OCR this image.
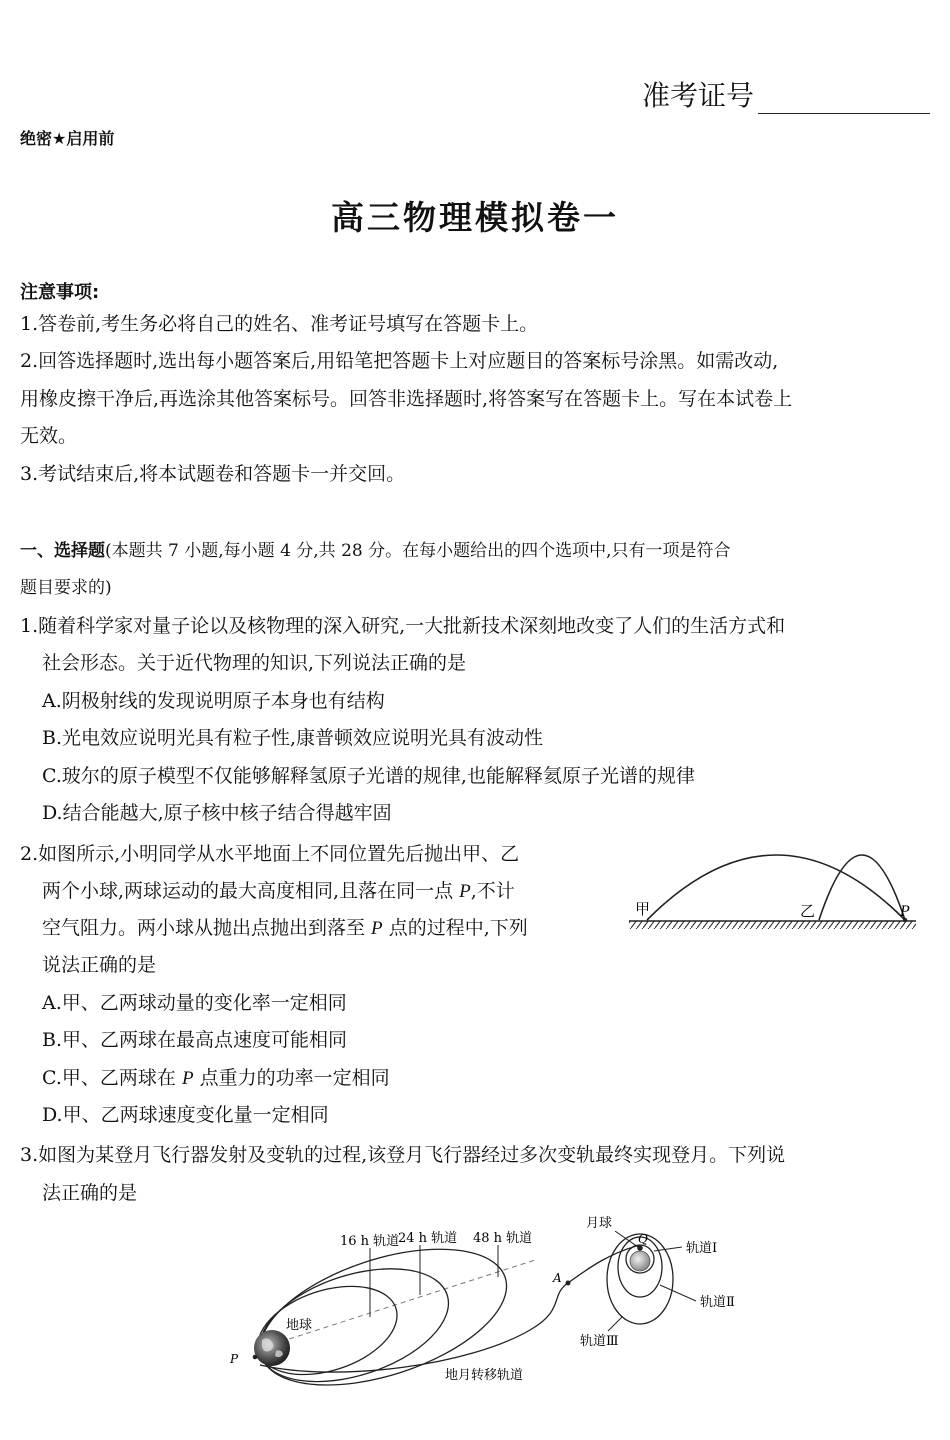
准考证号
绝密★启用前
高三物理模拟卷一
注意事项:
1.答卷前,考生务必将自己的姓名、准考证号填写在答题卡上。
2.回答选择题时,选出每小题答案后,用铅笔把答题卡上对应题目的答案标号涂黑。如需改动,
用橡皮擦干净后,再选涂其他答案标号。回答非选择题时,将答案写在答题卡上。写在本试卷上
无效。
3.考试结束后,将本试题卷和答题卡一并交回。
一、选择题(本题共 7 小题,每小题 4 分,共 28 分。在每小题给出的四个选项中,只有一项是符合
题目要求的)
1.随着科学家对量子论以及核物理的深入研究,一大批新技术深刻地改变了人们的生活方式和
社会形态。关于近代物理的知识,下列说法正确的是
A.阴极射线的发现说明原子本身也有结构
B.光电效应说明光具有粒子性,康普顿效应说明光具有波动性
C.玻尔的原子模型不仅能够解释氢原子光谱的规律,也能解释氦原子光谱的规律
D.结合能越大,原子核中核子结合得越牢固
2.如图所示,小明同学从水平地面上不同位置先后抛出甲、乙
两个小球,两球运动的最大高度相同,且落在同一点 P,不计
空气阻力。两小球从抛出点抛出到落至 P 点的过程中,下列
说法正确的是
A.甲、乙两球动量的变化率一定相同
B.甲、乙两球在最高点速度可能相同
C.甲、乙两球在 P 点重力的功率一定相同
D.甲、乙两球速度变化量一定相同
甲	乙	P
3.如图为某登月飞行器发射及变轨的过程,该登月飞行器经过多次变轨最终实现登月。下列说
法正确的是
16 h 轨道
24 h 轨道 48 h 轨道
月球
Q
轨道Ⅰ
轨道Ⅱ
轨道Ⅲ
A
地球
P
地月转移轨道
